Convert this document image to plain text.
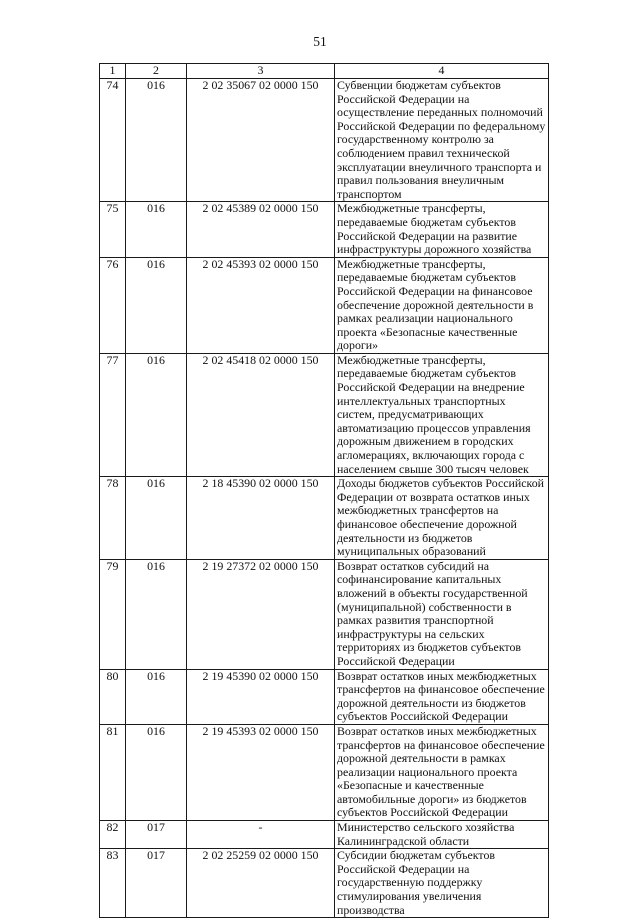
51
1	2	3	4
74	016	2 02 35067 02 0000 150	Субвенции бюджетам субъектов Российской Федерации на осуществление переданных полномочий Российской Федерации по федеральному государственному контролю за соблюдением правил технической эксплуатации внеуличного транспорта и правил пользования внеуличным транспортом
75	016	2 02 45389 02 0000 150	Межбюджетные трансферты, передаваемые бюджетам субъектов Российской Федерации на развитие инфраструктуры дорожного хозяйства
76	016	2 02 45393 02 0000 150	Межбюджетные трансферты, передаваемые бюджетам субъектов Российской Федерации на финансовое обеспечение дорожной деятельности в рамках реализации национального проекта «Безопасные качественные дороги»
77	016	2 02 45418 02 0000 150	Межбюджетные трансферты, передаваемые бюджетам субъектов Российской Федерации на внедрение интеллектуальных транспортных систем, предусматривающих автоматизацию процессов управления дорожным движением в городских агломерациях, включающих города с населением свыше 300 тысяч человек
78	016	2 18 45390 02 0000 150	Доходы бюджетов субъектов Российской Федерации от возврата остатков иных межбюджетных трансфертов на финансовое обеспечение дорожной деятельности из бюджетов муниципальных образований
79	016	2 19 27372 02 0000 150	Возврат остатков субсидий на софинансирование капитальных вложений в объекты государственной (муниципальной) собственности в рамках развития транспортной инфраструктуры на сельских территориях из бюджетов субъектов Российской Федерации
80	016	2 19 45390 02 0000 150	Возврат остатков иных межбюджетных трансфертов на финансовое обеспечение дорожной деятельности из бюджетов субъектов Российской Федерации
81	016	2 19 45393 02 0000 150	Возврат остатков иных межбюджетных трансфертов на финансовое обеспечение дорожной деятельности в рамках реализации национального проекта «Безопасные и качественные автомобильные дороги» из бюджетов субъектов Российской Федерации
82	017	-	Министерство сельского хозяйства Калининградской области
83	017	2 02 25259 02 0000 150	Субсидии бюджетам субъектов Российской Федерации на государственную поддержку стимулирования увеличения производства
